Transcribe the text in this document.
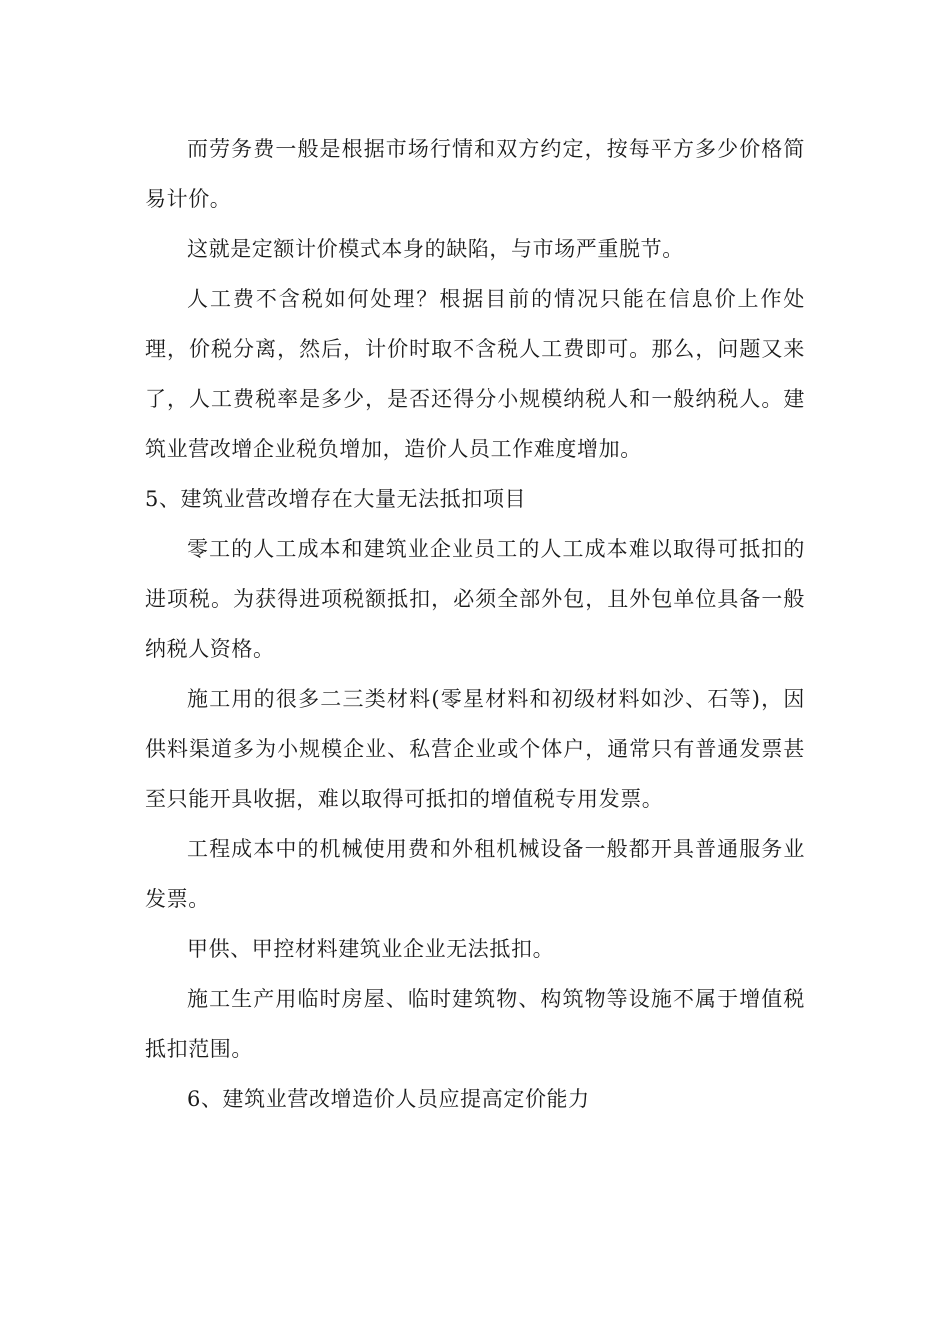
而劳务费一般是根据市场行情和双方约定，按每平方多少价格简易计价。

这就是定额计价模式本身的缺陷，与市场严重脱节。

人工费不含税如何处理？根据目前的情况只能在信息价上作处理，价税分离，然后，计价时取不含税人工费即可。那么，问题又来了，人工费税率是多少，是否还得分小规模纳税人和一般纳税人。建筑业营改增企业税负增加，造价人员工作难度增加。

5、建筑业营改增存在大量无法抵扣项目

零工的人工成本和建筑业企业员工的人工成本难以取得可抵扣的进项税。为获得进项税额抵扣，必须全部外包，且外包单位具备一般纳税人资格。

施工用的很多二三类材料(零星材料和初级材料如沙、石等)，因供料渠道多为小规模企业、私营企业或个体户，通常只有普通发票甚至只能开具收据，难以取得可抵扣的增值税专用发票。

工程成本中的机械使用费和外租机械设备一般都开具普通服务业发票。

甲供、甲控材料建筑业企业无法抵扣。

施工生产用临时房屋、临时建筑物、构筑物等设施不属于增值税抵扣范围。

6、建筑业营改增造价人员应提高定价能力
